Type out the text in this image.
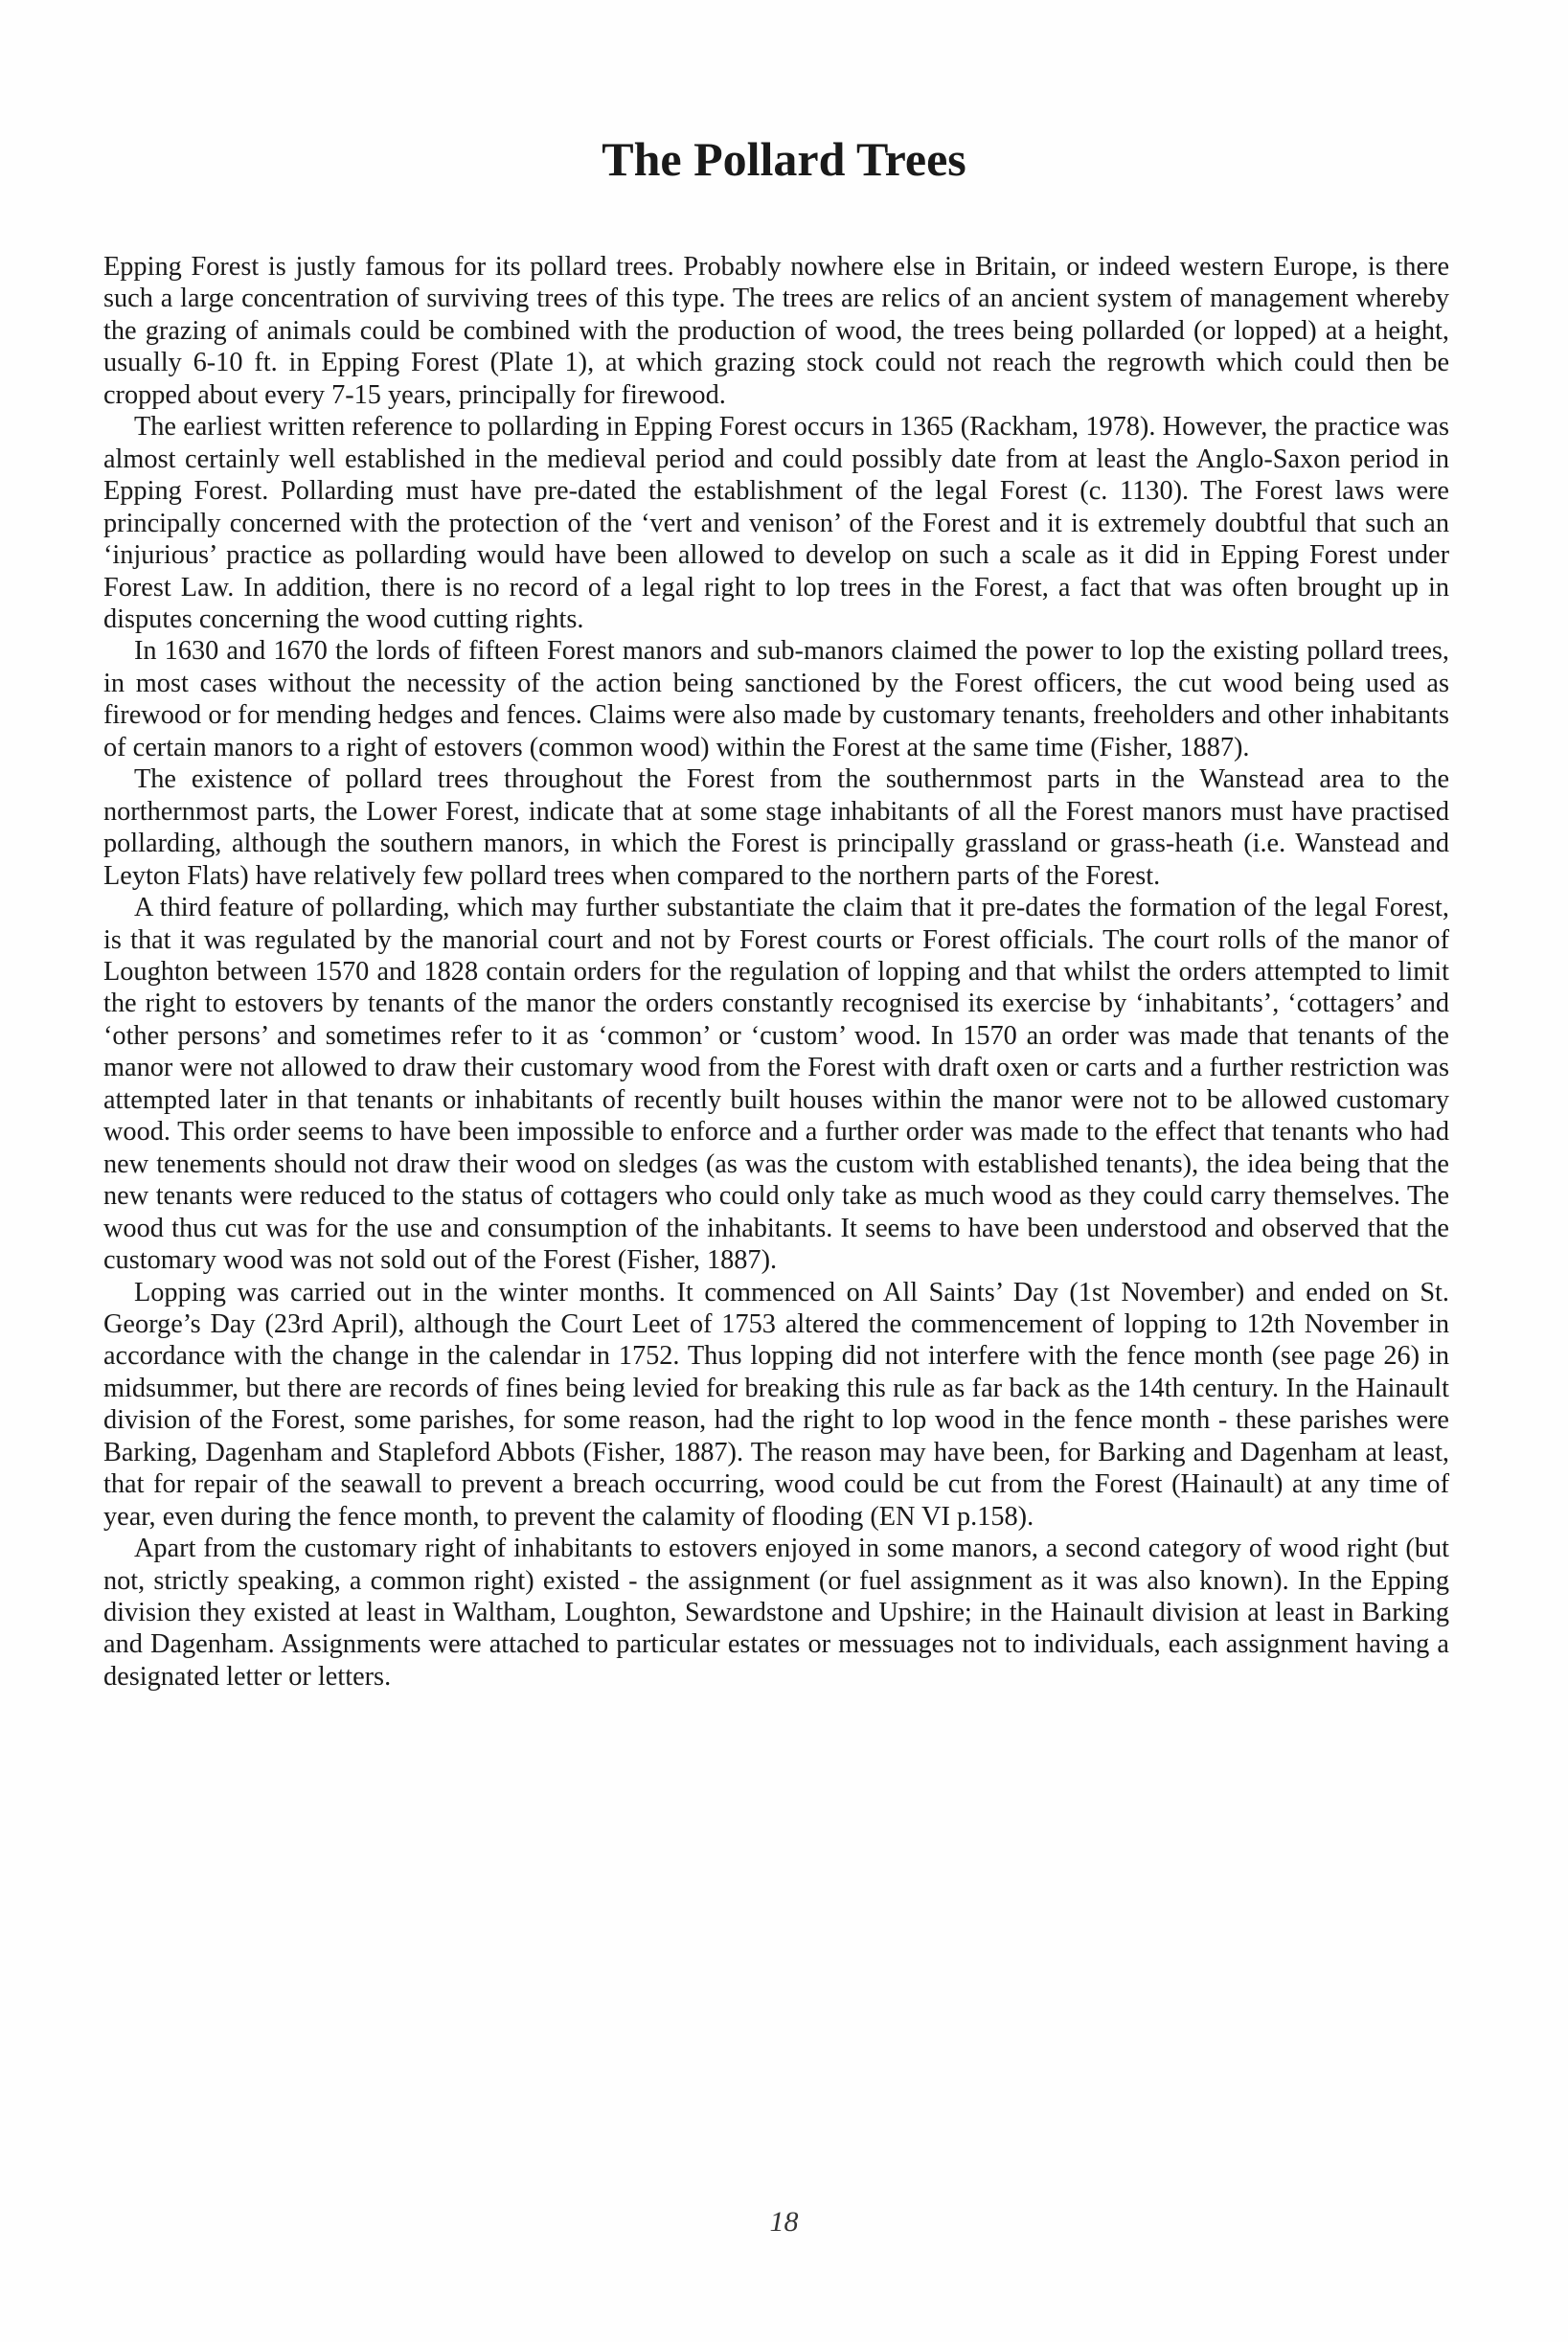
The Pollard Trees

Epping Forest is justly famous for its pollard trees. Probably nowhere else in Britain, or indeed western Europe, is there such a large concentration of surviving trees of this type. The trees are relics of an ancient system of management whereby the grazing of animals could be combined with the production of wood, the trees being pollarded (or lopped) at a height, usually 6-10 ft. in Epping Forest (Plate 1), at which grazing stock could not reach the regrowth which could then be cropped about every 7-15 years, principally for firewood.

The earliest written reference to pollarding in Epping Forest occurs in 1365 (Rackham, 1978). However, the practice was almost certainly well established in the medieval period and could possibly date from at least the Anglo-Saxon period in Epping Forest. Pollarding must have pre-dated the establishment of the legal Forest (c. 1130). The Forest laws were principally concerned with the protection of the ‘vert and venison’ of the Forest and it is extremely doubtful that such an ‘injurious’ practice as pollarding would have been allowed to develop on such a scale as it did in Epping Forest under Forest Law. In addition, there is no record of a legal right to lop trees in the Forest, a fact that was often brought up in disputes concerning the wood cutting rights.

In 1630 and 1670 the lords of fifteen Forest manors and sub-manors claimed the power to lop the existing pollard trees, in most cases without the necessity of the action being sanctioned by the Forest officers, the cut wood being used as firewood or for mending hedges and fences. Claims were also made by customary tenants, freeholders and other inhabitants of certain manors to a right of estovers (common wood) within the Forest at the same time (Fisher, 1887).

The existence of pollard trees throughout the Forest from the southernmost parts in the Wanstead area to the northernmost parts, the Lower Forest, indicate that at some stage inhabitants of all the Forest manors must have practised pollarding, although the southern manors, in which the Forest is principally grassland or grass-heath (i.e. Wanstead and Leyton Flats) have relatively few pollard trees when compared to the northern parts of the Forest.

A third feature of pollarding, which may further substantiate the claim that it pre-dates the formation of the legal Forest, is that it was regulated by the manorial court and not by Forest courts or Forest officials. The court rolls of the manor of Loughton between 1570 and 1828 contain orders for the regulation of lopping and that whilst the orders attempted to limit the right to estovers by tenants of the manor the orders constantly recognised its exercise by ‘inhabitants’, ‘cottagers’ and ‘other persons’ and sometimes refer to it as ‘common’ or ‘custom’ wood. In 1570 an order was made that tenants of the manor were not allowed to draw their customary wood from the Forest with draft oxen or carts and a further restriction was attempted later in that tenants or inhabitants of recently built houses within the manor were not to be allowed customary wood. This order seems to have been impossible to enforce and a further order was made to the effect that tenants who had new tenements should not draw their wood on sledges (as was the custom with established tenants), the idea being that the new tenants were reduced to the status of cottagers who could only take as much wood as they could carry themselves. The wood thus cut was for the use and consumption of the inhabitants. It seems to have been understood and observed that the customary wood was not sold out of the Forest (Fisher, 1887).

Lopping was carried out in the winter months. It commenced on All Saints’ Day (1st November) and ended on St. George’s Day (23rd April), although the Court Leet of 1753 altered the commencement of lopping to 12th November in accordance with the change in the calendar in 1752. Thus lopping did not interfere with the fence month (see page 26) in midsummer, but there are records of fines being levied for breaking this rule as far back as the 14th century. In the Hainault division of the Forest, some parishes, for some reason, had the right to lop wood in the fence month - these parishes were Barking, Dagenham and Stapleford Abbots (Fisher, 1887). The reason may have been, for Barking and Dagenham at least, that for repair of the seawall to prevent a breach occurring, wood could be cut from the Forest (Hainault) at any time of year, even during the fence month, to prevent the calamity of flooding (EN VI p.158).

Apart from the customary right of inhabitants to estovers enjoyed in some manors, a second category of wood right (but not, strictly speaking, a common right) existed - the assignment (or fuel assignment as it was also known). In the Epping division they existed at least in Waltham, Loughton, Sewardstone and Upshire; in the Hainault division at least in Barking and Dagenham. Assignments were attached to particular estates or messuages not to individuals, each assignment having a designated letter or letters.

18
